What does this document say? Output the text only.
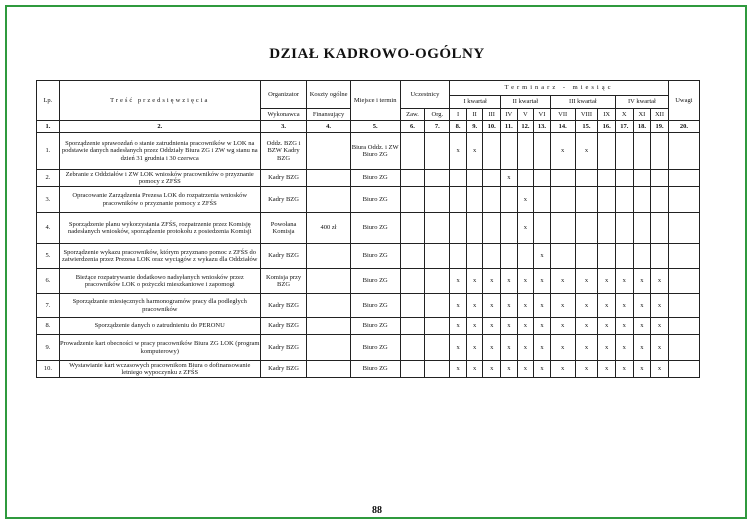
DZIAŁ KADROWO-OGÓLNY
Lp.	Treść przedsięwzięcia	Organizator	Koszty ogólne	Miejsce i termin	Uczestnicy		Terminarz - miesiąc												Uwagi
							I kwartał			II kwartał			III kwartał			IV kwartał			
		Wykonawca	Finansujący		Zaw.	Org.	I	II	III	IV	V	VI	VII	VIII	IX	X	XI	XII	
1.	2.	3.	4.	5.	6.	7.	8.	9.	10.	11.	12.	13.	14.	15.	16.	17.	18.	19.	20.
1.	Sporządzenie sprawozdań o stanie zatrudnienia pracowników w LOK na podstawie danych nadesłanych przez Oddziały Biura ZG i ZW wg stanu na dzień 31 grudnia i 30 czerwca	Oddz. BZG i BZW Kadry BZG		Biura Oddz. i ZW Biuro ZG			x	x					x	x					
2.	Zebranie z Oddziałów i ZW LOK wniosków pracowników o przyznanie pomocy z ZFŚS	Kadry BZG		Biuro ZG						x									
3.	Opracowanie Zarządzenia Prezesa LOK do rozpatrzenia wniosków pracowników o przyznanie pomocy z ZFŚS	Kadry BZG		Biuro ZG							x								
4.	Sporządzenie planu wykorzystania ZFŚS, rozpatrzenie przez Komisję nadesłanych wniosków, sporządzenie protokołu z posiedzenia Komisji	Powołana Komisja	400 zł	Biuro ZG							x								
5.	Sporządzenie wykazu pracowników, którym przyznano pomoc z ZFŚS do zatwierdzenia przez Prezesa LOK oraz wyciągów z wykazu dla Oddziałów	Kadry BZG		Biuro ZG								x							
6.	Bieżące rozpatrywanie dodatkowo nadsyłanych wniosków przez pracowników LOK o pożyczki mieszkaniowe i zapomogi	Komisja przy BZG		Biuro ZG			x	x	x	x	x	x	x	x	x	x	x	x	
7.	Sporządzanie miesięcznych harmonogramów pracy dla podległych pracowników	Kadry BZG		Biuro ZG			x	x	x	x	x	x	x	x	x	x	x	x	
8.	Sporządzenie danych o zatrudnieniu do PERONU	Kadry BZG		Biuro ZG			x	x	x	x	x	x	x	x	x	x	x	x	
9.	Prowadzenie kart obecności w pracy pracowników Biura ZG LOK (program komputerowy)	Kadry BZG		Biuro ZG			x	x	x	x	x	x	x	x	x	x	x	x	
10.	Wystawianie kart wczasowych pracownikom Biura o dofinansowanie letniego wypoczynku z ZFŚS	Kadry BZG		Biuro ZG			x	x	x	x	x	x	x	x	x	x	x	x	
88
